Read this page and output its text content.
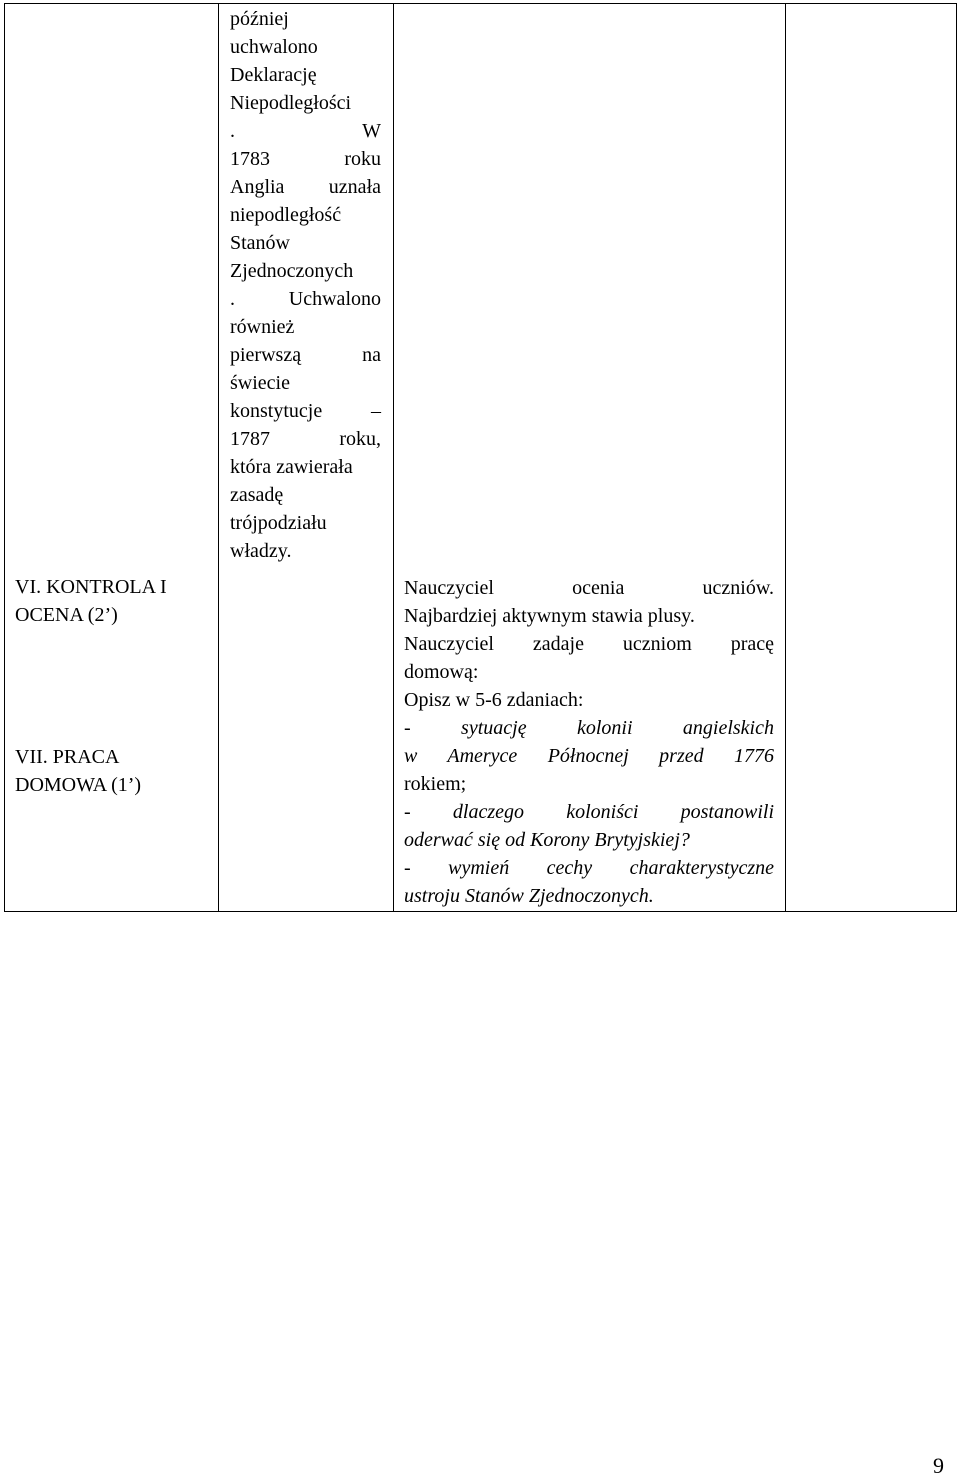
VI. KONTROLA I
OCENA (2’)
VII. PRACA
DOMOWA (1’)
później
uchwalono
Deklarację
Niepodległości
. W
1783 roku
Anglia uznała
niepodległość
Stanów
Zjednoczonych
. Uchwalono
również
pierwszą na
świecie
konstytucje –
1787 roku,
która zawierała
zasadę
trójpodziału
władzy.
Nauczyciel ocenia uczniów.
Najbardziej aktywnym stawia plusy.
Nauczyciel zadaje uczniom pracę
domową:
Opisz w 5-6 zdaniach:
- sytuację kolonii angielskich
w Ameryce Północnej przed 1776
rokiem;
- dlaczego koloniści postanowili
oderwać się od Korony Brytyjskiej?
- wymień cechy charakterystyczne
ustroju Stanów Zjednoczonych.
9
